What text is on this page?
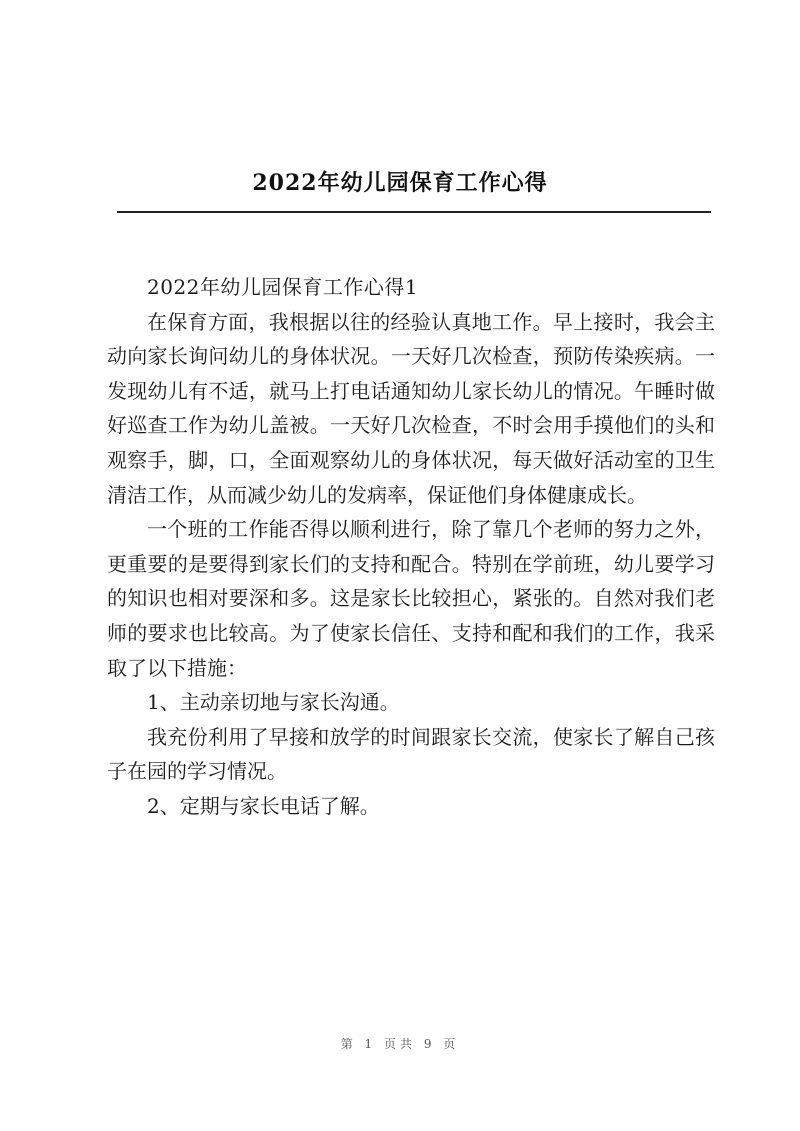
2022年幼儿园保育工作心得

2022年幼儿园保育工作心得1

在保育方面，我根据以往的经验认真地工作。早上接时，我会主动向家长询问幼儿的身体状况。一天好几次检查，预防传染疾病。一发现幼儿有不适，就马上打电话通知幼儿家长幼儿的情况。午睡时做好巡查工作为幼儿盖被。一天好几次检查，不时会用手摸他们的头和观察手，脚，口，全面观察幼儿的身体状况，每天做好活动室的卫生清洁工作，从而减少幼儿的发病率，保证他们身体健康成长。

一个班的工作能否得以顺利进行，除了靠几个老师的努力之外，更重要的是要得到家长们的支持和配合。特别在学前班，幼儿要学习的知识也相对要深和多。这是家长比较担心，紧张的。自然对我们老师的要求也比较高。为了使家长信任、支持和配和我们的工作，我采取了以下措施：

1、主动亲切地与家长沟通。

我充份利用了早接和放学的时间跟家长交流，使家长了解自己孩子在园的学习情况。

2、定期与家长电话了解。

第 1 页共 9 页
